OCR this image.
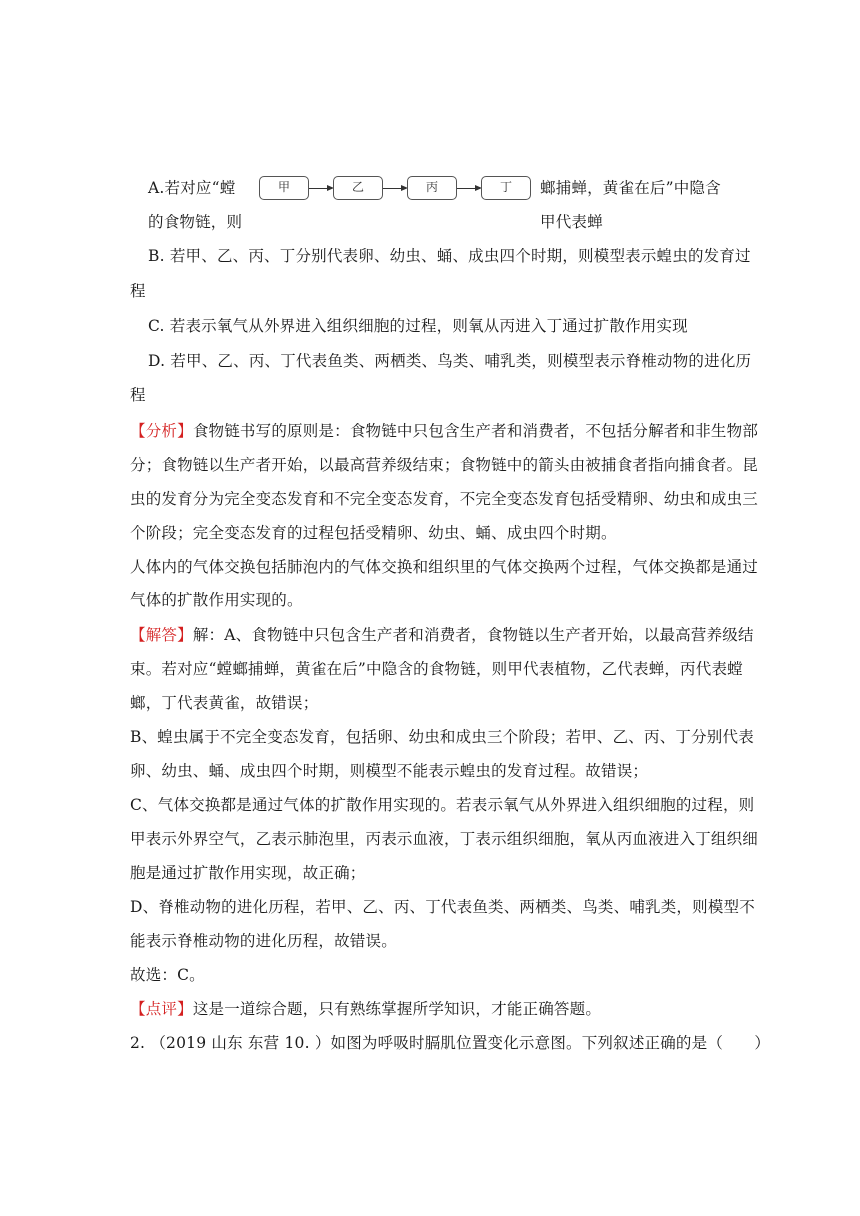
A.若对应“螳	螂捕蝉，黄雀在后”中隐含
的食物链，则	甲代表蝉
甲	乙	丙	丁
B. 若甲、乙、丙、丁分别代表卵、幼虫、蛹、成虫四个时期，则模型表示蝗虫的发育过
程
C. 若表示氧气从外界进入组织细胞的过程，则氧从丙进入丁通过扩散作用实现
D. 若甲、乙、丙、丁代表鱼类、两栖类、鸟类、哺乳类，则模型表示脊椎动物的进化历
程
【分析】食物链书写的原则是：食物链中只包含生产者和消费者，不包括分解者和非生物部
分；食物链以生产者开始，以最高营养级结束；食物链中的箭头由被捕食者指向捕食者。昆
虫的发育分为完全变态发育和不完全变态发育，不完全变态发育包括受精卵、幼虫和成虫三
个阶段；完全变态发育的过程包括受精卵、幼虫、蛹、成虫四个时期。
人体内的气体交换包括肺泡内的气体交换和组织里的气体交换两个过程，气体交换都是通过
气体的扩散作用实现的。
【解答】解：A、食物链中只包含生产者和消费者，食物链以生产者开始，以最高营养级结
束。若对应“螳螂捕蝉，黄雀在后”中隐含的食物链，则甲代表植物，乙代表蝉，丙代表螳
螂，丁代表黄雀，故错误；
B、蝗虫属于不完全变态发育，包括卵、幼虫和成虫三个阶段；若甲、乙、丙、丁分别代表
卵、幼虫、蛹、成虫四个时期，则模型不能表示蝗虫的发育过程。故错误；
C、气体交换都是通过气体的扩散作用实现的。若表示氧气从外界进入组织细胞的过程，则
甲表示外界空气，乙表示肺泡里，丙表示血液，丁表示组织细胞，氧从丙血液进入丁组织细
胞是通过扩散作用实现，故正确；
D、脊椎动物的进化历程，若甲、乙、丙、丁代表鱼类、两栖类、鸟类、哺乳类，则模型不
能表示脊椎动物的进化历程，故错误。
故选：C。
【点评】这是一道综合题，只有熟练掌握所学知识，才能正确答题。
2. （2019 山东 东营 10. ）如图为呼吸时膈肌位置变化示意图。下列叙述正确的是（　　）
